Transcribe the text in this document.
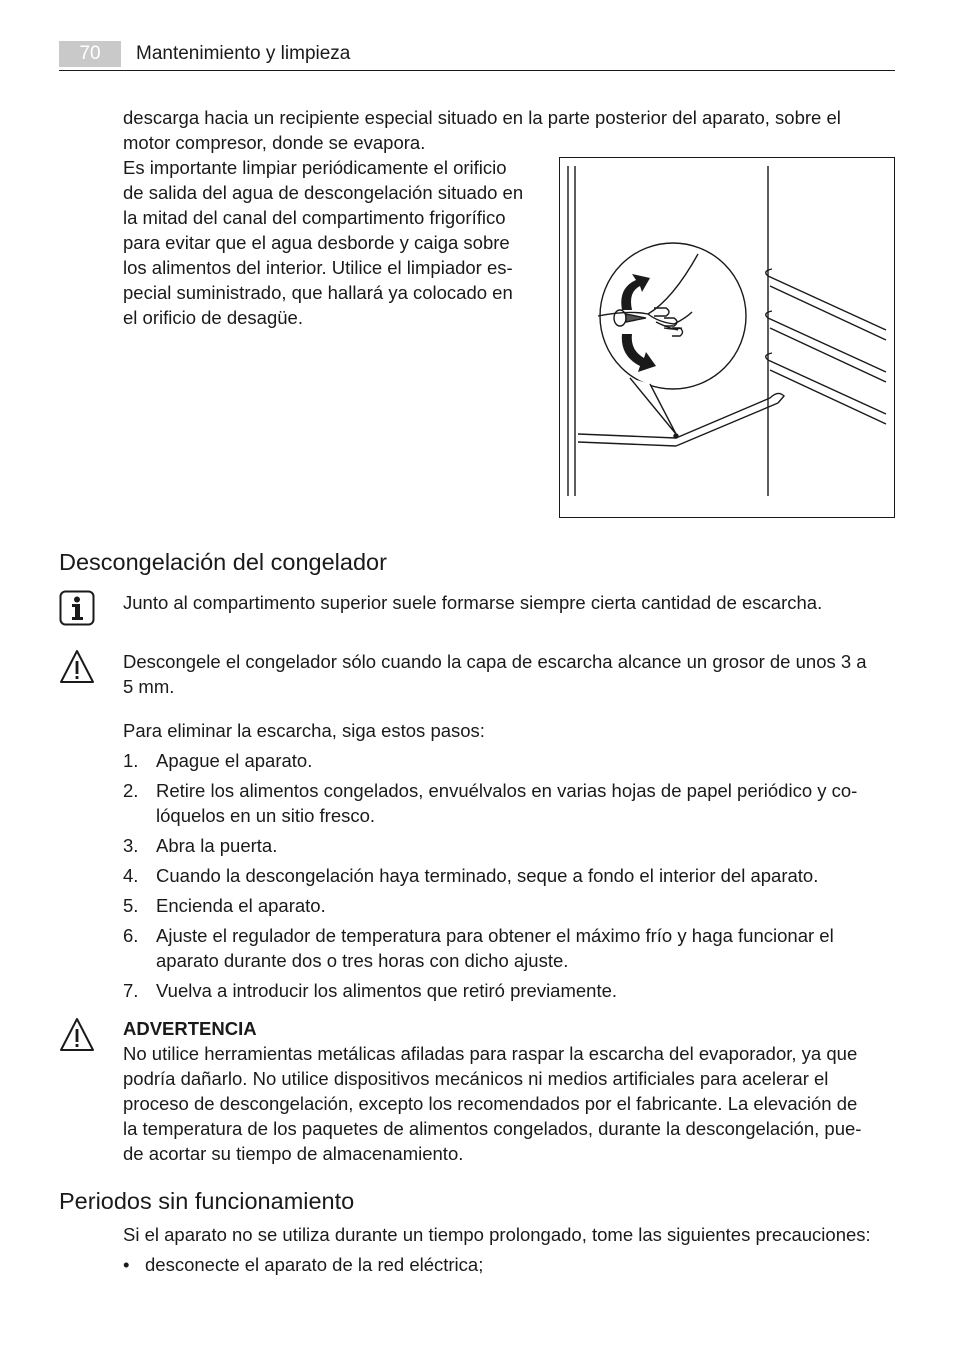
70	Mantenimiento y limpieza
descarga hacia un recipiente especial situado en la parte posterior del aparato, sobre el
motor compresor, donde se evapora.
Es importante limpiar periódicamente el orificio
de salida del agua de descongelación situado en
la mitad del canal del compartimento frigorífico
para evitar que el agua desborde y caiga sobre
los alimentos del interior. Utilice el limpiador es-
pecial suministrado, que hallará ya colocado en
el orificio de desagüe.
Descongelación del congelador
Junto al compartimento superior suele formarse siempre cierta cantidad de escarcha.
Descongele el congelador sólo cuando la capa de escarcha alcance un grosor de unos 3 a
5 mm.
Para eliminar la escarcha, siga estos pasos:
1. Apague el aparato.
2. Retire los alimentos congelados, envuélvalos en varias hojas de papel periódico y co-
lóquelos en un sitio fresco.
3. Abra la puerta.
4. Cuando la descongelación haya terminado, seque a fondo el interior del aparato.
5. Encienda el aparato.
6. Ajuste el regulador de temperatura para obtener el máximo frío y haga funcionar el
aparato durante dos o tres horas con dicho ajuste.
7. Vuelva a introducir los alimentos que retiró previamente.
ADVERTENCIA
No utilice herramientas metálicas afiladas para raspar la escarcha del evaporador, ya que
podría dañarlo. No utilice dispositivos mecánicos ni medios artificiales para acelerar el
proceso de descongelación, excepto los recomendados por el fabricante. La elevación de
la temperatura de los paquetes de alimentos congelados, durante la descongelación, pue-
de acortar su tiempo de almacenamiento.
Periodos sin funcionamiento
Si el aparato no se utiliza durante un tiempo prolongado, tome las siguientes precauciones:
• desconecte el aparato de la red eléctrica;
